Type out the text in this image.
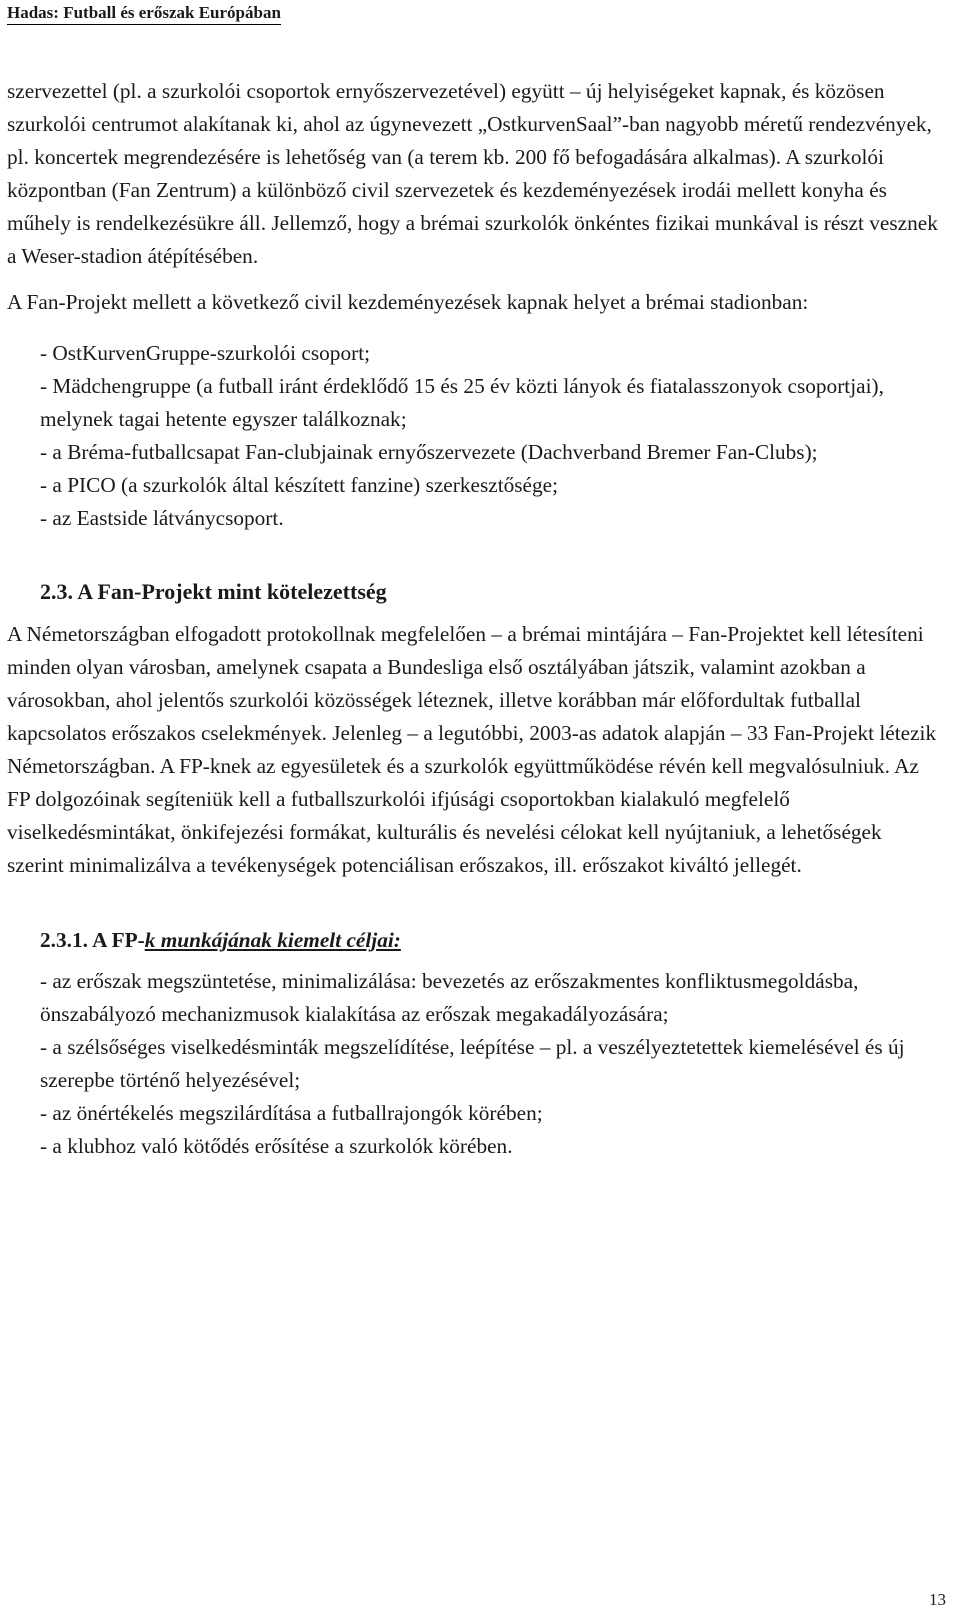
Hadas: Futball és erőszak Európában

szervezettel (pl. a szurkolói csoportok ernyőszervezetével) együtt – új helyiségeket kapnak, és közösen szurkolói centrumot alakítanak ki, ahol az úgynevezett „OstkurvenSaal”-ban nagyobb méretű rendezvények, pl. koncertek megrendezésére is lehetőség van (a terem kb. 200 fő befogadására alkalmas). A szurkolói központban (Fan Zentrum) a különböző civil szervezetek és kezdeményezések irodái mellett konyha és műhely is rendelkezésükre áll. Jellemző, hogy a brémai szurkolók önkéntes fizikai munkával is részt vesznek a Weser-stadion átépítésében.

A Fan-Projekt mellett a következő civil kezdeményezések kapnak helyet a brémai stadionban:

- OstKurvenGruppe-szurkolói csoport;

- Mädchengruppe (a futball iránt érdeklődő 15 és 25 év közti lányok és fiatalasszonyok csoportjai), melynek tagai hetente egyszer találkoznak;

- a Bréma-futballcsapat Fan-clubjainak ernyőszervezete (Dachverband Bremer Fan-Clubs);

- a PICO (a szurkolók által készített fanzine) szerkesztősége;

- az Eastside látványcsoport.

2.3. A Fan-Projekt mint kötelezettség

A Németországban elfogadott protokollnak megfelelően – a brémai mintájára – Fan-Projektet kell létesíteni minden olyan városban, amelynek csapata a Bundesliga első osztályában játszik, valamint azokban a városokban, ahol jelentős szurkolói közösségek léteznek, illetve korábban már előfordultak futballal kapcsolatos erőszakos cselekmények. Jelenleg – a legutóbbi, 2003-as adatok alapján – 33 Fan-Projekt létezik Németországban. A FP-knek az egyesületek és a szurkolók együttműködése révén kell megvalósulniuk. Az FP dolgozóinak segíteniük kell a futballszurkolói ifjúsági csoportokban kialakuló megfelelő viselkedésmintákat, önkifejezési formákat, kulturális és nevelési célokat kell nyújtaniuk, a lehetőségek szerint minimalizálva a tevékenységek potenciálisan erőszakos, ill. erőszakot kiváltó jellegét.

2.3.1. A FP-k munkájának kiemelt céljai:

- az erőszak megszüntetése, minimalizálása: bevezetés az erőszakmentes konfliktusmegoldásba, önszabályozó mechanizmusok kialakítása az erőszak megakadályozására;

- a szélsőséges viselkedésminták megszelídítése, leépítése – pl. a veszélyeztetettek kiemelésével és új szerepbe történő helyezésével;

- az önértékelés megszilárdítása a futballrajongók körében;

- a klubhoz való kötődés erősítése a szurkolók körében.

13
